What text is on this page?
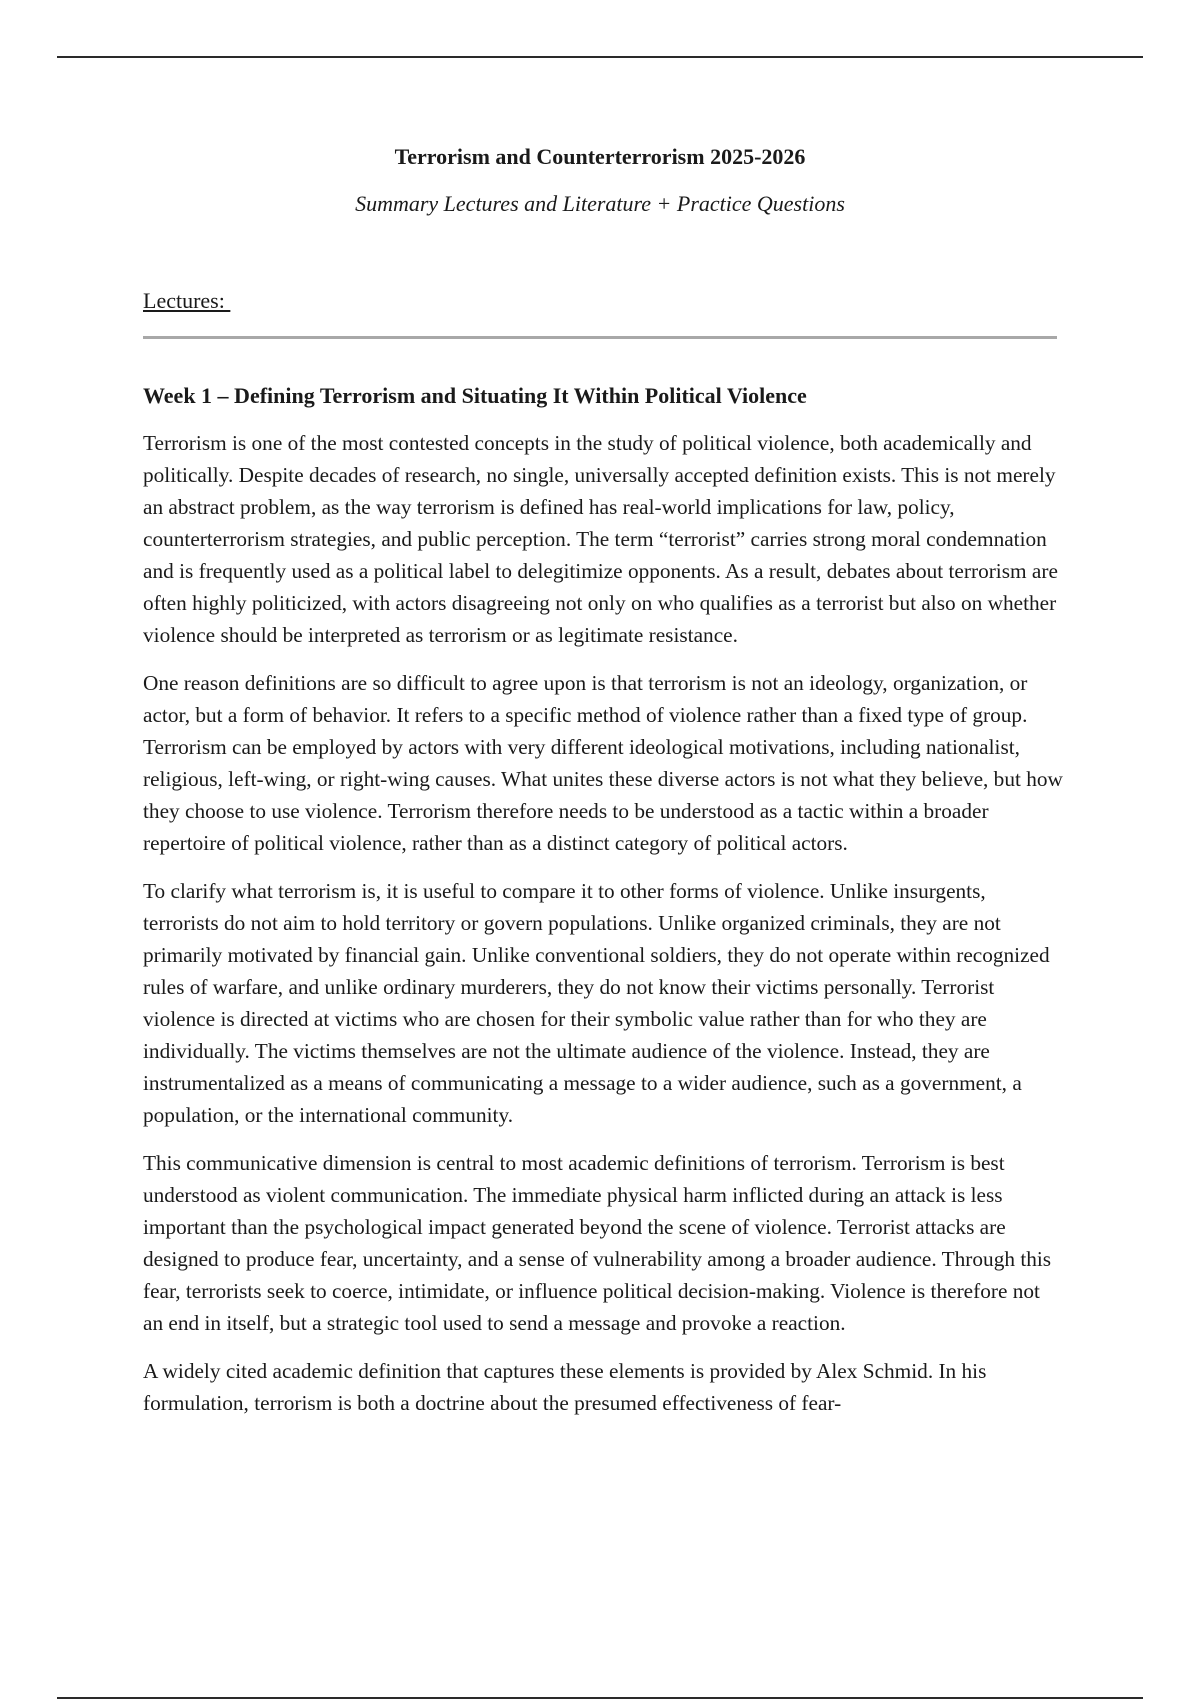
Terrorism and Counterterrorism 2025-2026
Summary Lectures and Literature + Practice Questions
Lectures:
Week 1 – Defining Terrorism and Situating It Within Political Violence

Terrorism is one of the most contested concepts in the study of political violence, both academically and politically. Despite decades of research, no single, universally accepted definition exists. This is not merely an abstract problem, as the way terrorism is defined has real-world implications for law, policy, counterterrorism strategies, and public perception. The term “terrorist” carries strong moral condemnation and is frequently used as a political label to delegitimize opponents. As a result, debates about terrorism are often highly politicized, with actors disagreeing not only on who qualifies as a terrorist but also on whether violence should be interpreted as terrorism or as legitimate resistance.

One reason definitions are so difficult to agree upon is that terrorism is not an ideology, organization, or actor, but a form of behavior. It refers to a specific method of violence rather than a fixed type of group. Terrorism can be employed by actors with very different ideological motivations, including nationalist, religious, left-wing, or right-wing causes. What unites these diverse actors is not what they believe, but how they choose to use violence. Terrorism therefore needs to be understood as a tactic within a broader repertoire of political violence, rather than as a distinct category of political actors.

To clarify what terrorism is, it is useful to compare it to other forms of violence. Unlike insurgents, terrorists do not aim to hold territory or govern populations. Unlike organized criminals, they are not primarily motivated by financial gain. Unlike conventional soldiers, they do not operate within recognized rules of warfare, and unlike ordinary murderers, they do not know their victims personally. Terrorist violence is directed at victims who are chosen for their symbolic value rather than for who they are individually. The victims themselves are not the ultimate audience of the violence. Instead, they are instrumentalized as a means of communicating a message to a wider audience, such as a government, a population, or the international community.

This communicative dimension is central to most academic definitions of terrorism. Terrorism is best understood as violent communication. The immediate physical harm inflicted during an attack is less important than the psychological impact generated beyond the scene of violence. Terrorist attacks are designed to produce fear, uncertainty, and a sense of vulnerability among a broader audience. Through this fear, terrorists seek to coerce, intimidate, or influence political decision-making. Violence is therefore not an end in itself, but a strategic tool used to send a message and provoke a reaction.

A widely cited academic definition that captures these elements is provided by Alex Schmid. In his formulation, terrorism is both a doctrine about the presumed effectiveness of fear-
